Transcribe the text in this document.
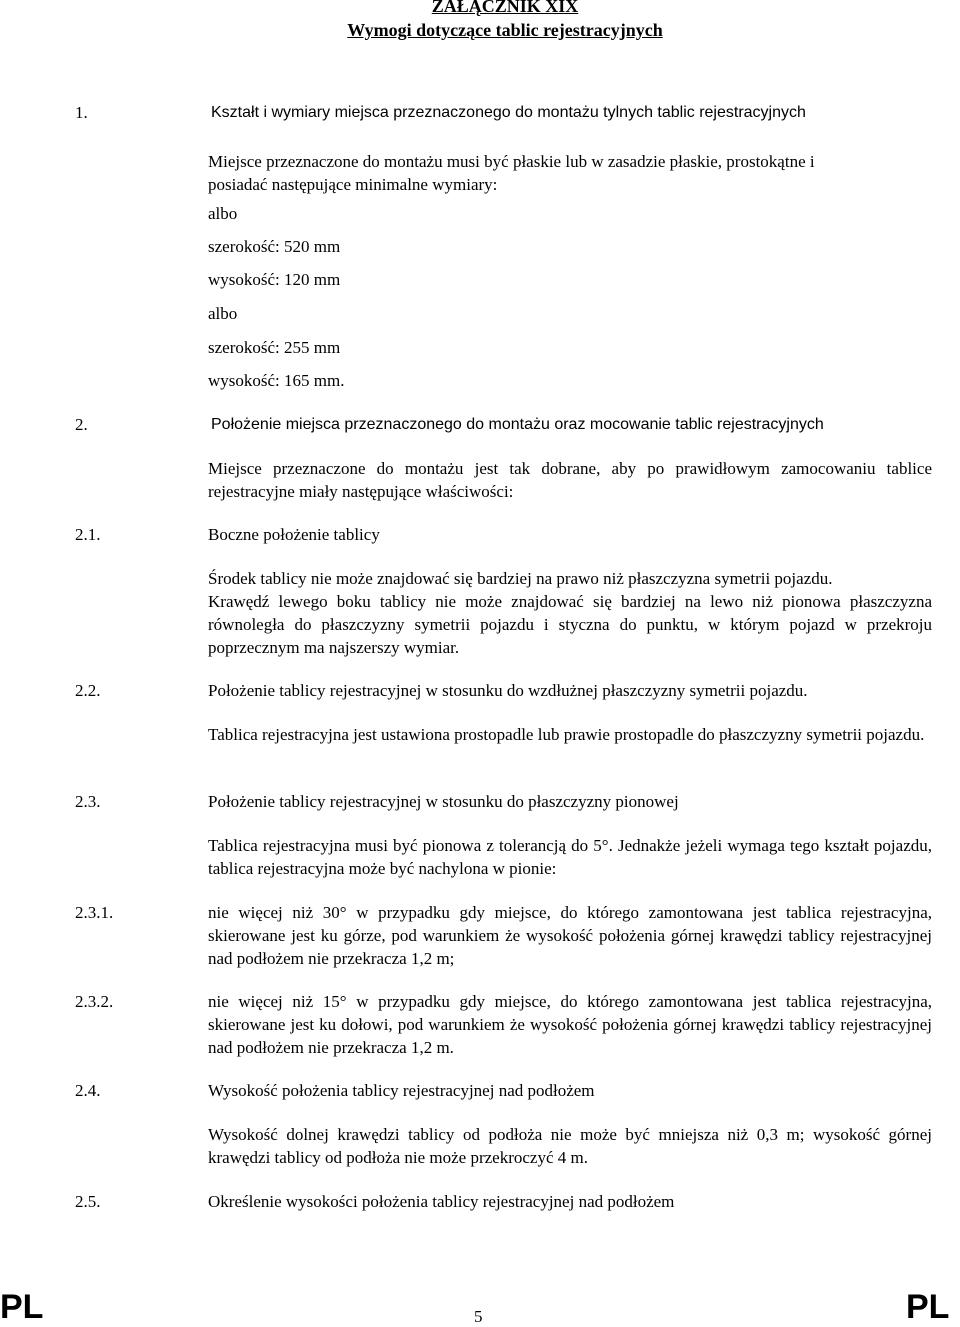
ZAŁĄCZNIK XIX
Wymogi dotyczące tablic rejestracyjnych
1.	Kształt i wymiary miejsca przeznaczonego do montażu tylnych tablic rejestracyjnych
Miejsce przeznaczone do montażu musi być płaskie lub w zasadzie płaskie, prostokątne i
posiadać następujące minimalne wymiary:
albo
szerokość: 520 mm
wysokość: 120 mm
albo
szerokość: 255 mm
wysokość: 165 mm.
2.	Położenie miejsca przeznaczonego do montażu oraz mocowanie tablic rejestracyjnych
Miejsce przeznaczone do montażu jest tak dobrane, aby po prawidłowym zamocowaniu tablice rejestracyjne miały następujące właściwości:
2.1.	Boczne położenie tablicy
Środek tablicy nie może znajdować się bardziej na prawo niż płaszczyzna symetrii pojazdu.
Krawędź lewego boku tablicy nie może znajdować się bardziej na lewo niż pionowa płaszczyzna równoległa do płaszczyzny symetrii pojazdu i styczna do punktu, w którym pojazd w przekroju poprzecznym ma najszerszy wymiar.
2.2.	Położenie tablicy rejestracyjnej w stosunku do wzdłużnej płaszczyzny symetrii pojazdu.
Tablica rejestracyjna jest ustawiona prostopadle lub prawie prostopadle do płaszczyzny symetrii pojazdu.
2.3.	Położenie tablicy rejestracyjnej w stosunku do płaszczyzny pionowej
Tablica rejestracyjna musi być pionowa z tolerancją do 5°. Jednakże jeżeli wymaga tego kształt pojazdu, tablica rejestracyjna może być nachylona w pionie:
2.3.1.	nie więcej niż 30° w przypadku gdy miejsce, do którego zamontowana jest tablica rejestracyjna, skierowane jest ku górze, pod warunkiem że wysokość położenia górnej krawędzi tablicy rejestracyjnej nad podłożem nie przekracza 1,2 m;
2.3.2.	nie więcej niż 15° w przypadku gdy miejsce, do którego zamontowana jest tablica rejestracyjna, skierowane jest ku dołowi, pod warunkiem że wysokość położenia górnej krawędzi tablicy rejestracyjnej nad podłożem nie przekracza 1,2 m.
2.4.	Wysokość położenia tablicy rejestracyjnej nad podłożem
Wysokość dolnej krawędzi tablicy od podłoża nie może być mniejsza niż 0,3 m; wysokość górnej krawędzi tablicy od podłoża nie może przekroczyć 4 m.
2.5.	Określenie wysokości położenia tablicy rejestracyjnej nad podłożem
PL	5	PL
